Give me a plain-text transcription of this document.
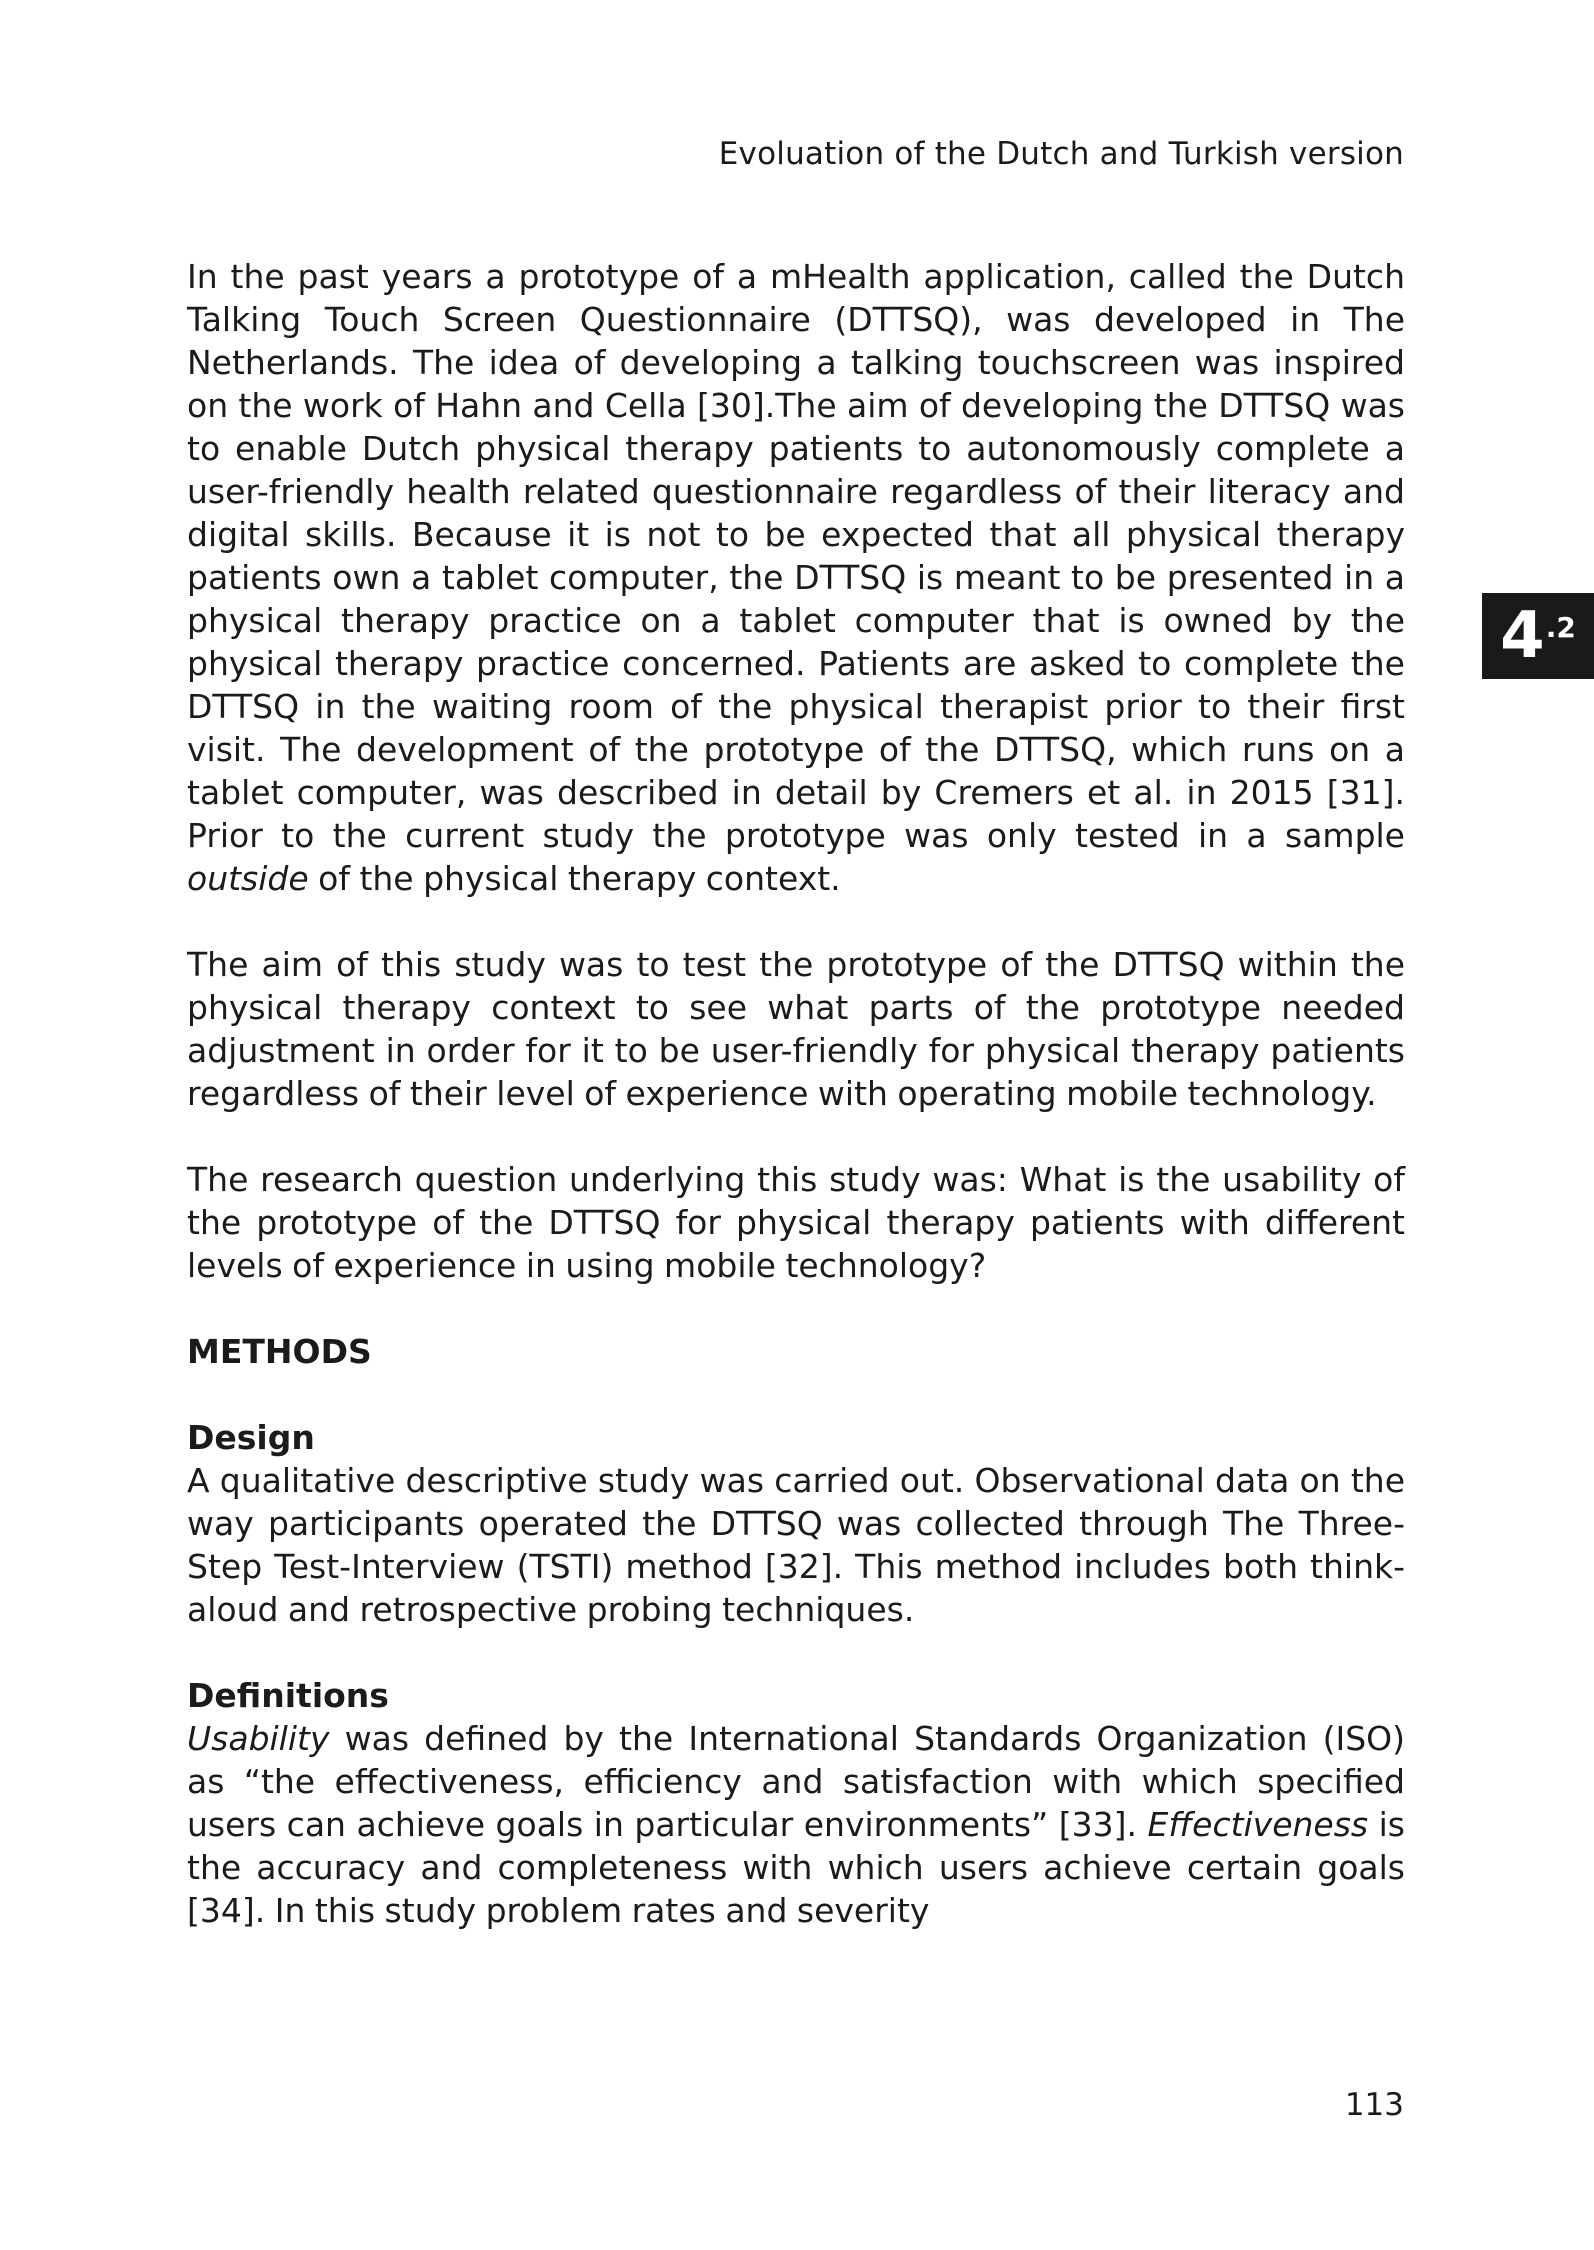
Evoluation of the Dutch and Turkish version
4 .2

In the past years a prototype of a mHealth application, called the Dutch Talking Touch Screen Questionnaire (DTTSQ), was developed in The Netherlands. The idea of developing a talking touchscreen was inspired on the work of Hahn and Cella [30].The aim of developing the DTTSQ was to enable Dutch physical therapy patients to autonomously complete a user-friendly health related questionnaire regardless of their literacy and digital skills. Because it is not to be expected that all physical therapy patients own a tablet computer, the DTTSQ is meant to be presented in a physical therapy practice on a tablet computer that is owned by the physical therapy practice concerned. Patients are asked to complete the DTTSQ in the waiting room of the physical therapist prior to their first visit. The development of the prototype of the DTTSQ, which runs on a tablet computer, was described in detail by Cremers et al. in 2015 [31]. Prior to the current study the prototype was only tested in a sample outside of the physical therapy context.

The aim of this study was to test the prototype of the DTTSQ within the physical therapy context to see what parts of the prototype needed adjustment in order for it to be user-friendly for physical therapy patients regardless of their level of experience with operating mobile technology.

The research question underlying this study was: What is the usability of the prototype of the DTTSQ for physical therapy patients with different levels of experience in using mobile technology?

METHODS
Design

A qualitative descriptive study was carried out. Observational data on the way participants operated the DTTSQ was collected through The Three-Step Test-Interview (TSTI) method [32]. This method includes both think-aloud and retrospective probing techniques.

Definitions

Usability was defined by the International Standards Organization (ISO) as “the effectiveness, efficiency and satisfaction with which specified users can achieve goals in particular environments” [33]. Effectiveness is the accuracy and completeness with which users achieve certain goals [34]. In this study problem rates and severity

113
